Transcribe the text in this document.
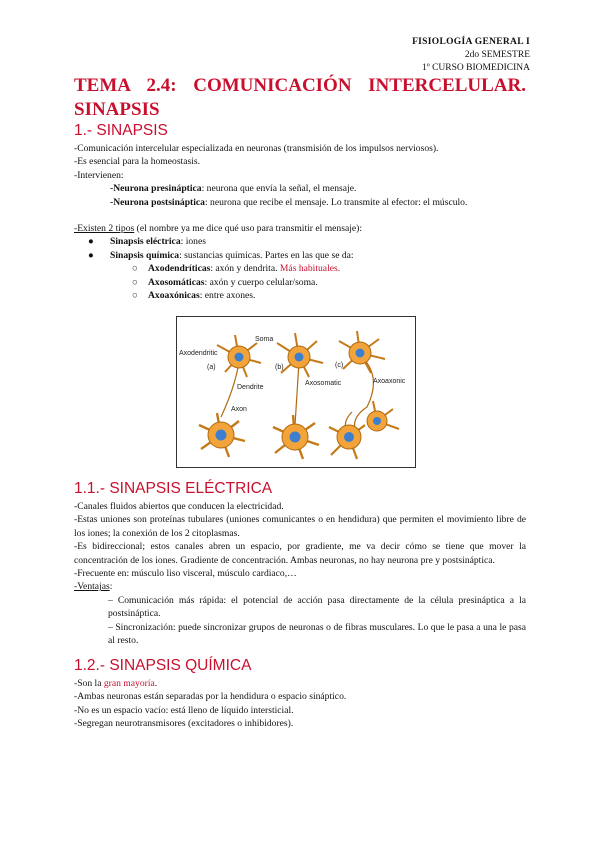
FISIOLOGÍA GENERAL I
2do SEMESTRE
1º CURSO BIOMEDICINA
TEMA 2.4: COMUNICACIÓN INTERCELULAR. SINAPSIS
1.- SINAPSIS

-Comunicación intercelular especializada en neuronas (transmisión de los impulsos nerviosos).

-Es esencial para la homeostasis.

-Intervienen:

-Neurona presináptica: neurona que envía la señal, el mensaje.

-Neurona postsináptica: neurona que recibe el mensaje. Lo transmite al efector: el músculo.

-Existen 2 tipos (el nombre ya me dice qué uso para transmitir el mensaje):

● Sinapsis eléctrica: iones

● Sinapsis química: sustancias químicas. Partes en las que se da:

○ Axodendríticas: axón y dendrita. Más habituales.

○ Axosomáticas: axón y cuerpo celular/soma.

○ Axoaxónicas: entre axones.

Soma
Axodendritic
Dendrite
Axosomatic	Axoaxonic
Axon
(a)	(b)	(c)
1.1.- SINAPSIS ELÉCTRICA

-Canales fluidos abiertos que conducen la electricidad.

-Estas uniones son proteínas tubulares (uniones comunicantes o en hendidura) que permiten el movimiento libre de los iones; la conexión de los 2 citoplasmas.

-Es bidireccional; estos canales abren un espacio, por gradiente, me va decir cómo se tiene que mover la concentración de los iones. Gradiente de concentración. Ambas neuronas, no hay neurona pre y postsináptica.

-Frecuente en: músculo liso visceral, músculo cardiaco,…

-Ventajas:

– Comunicación más rápida: el potencial de acción pasa directamente de la célula presináptica a la postsináptica.

– Sincronización: puede sincronizar grupos de neuronas o de fibras musculares. Lo que le pasa a una le pasa al resto.

1.2.- SINAPSIS QUÍMICA

-Son la gran mayoría.

-Ambas neuronas están separadas por la hendidura o espacio sináptico.

-No es un espacio vacío: está lleno de líquido intersticial.

-Segregan neurotransmisores (excitadores o inhibidores).
